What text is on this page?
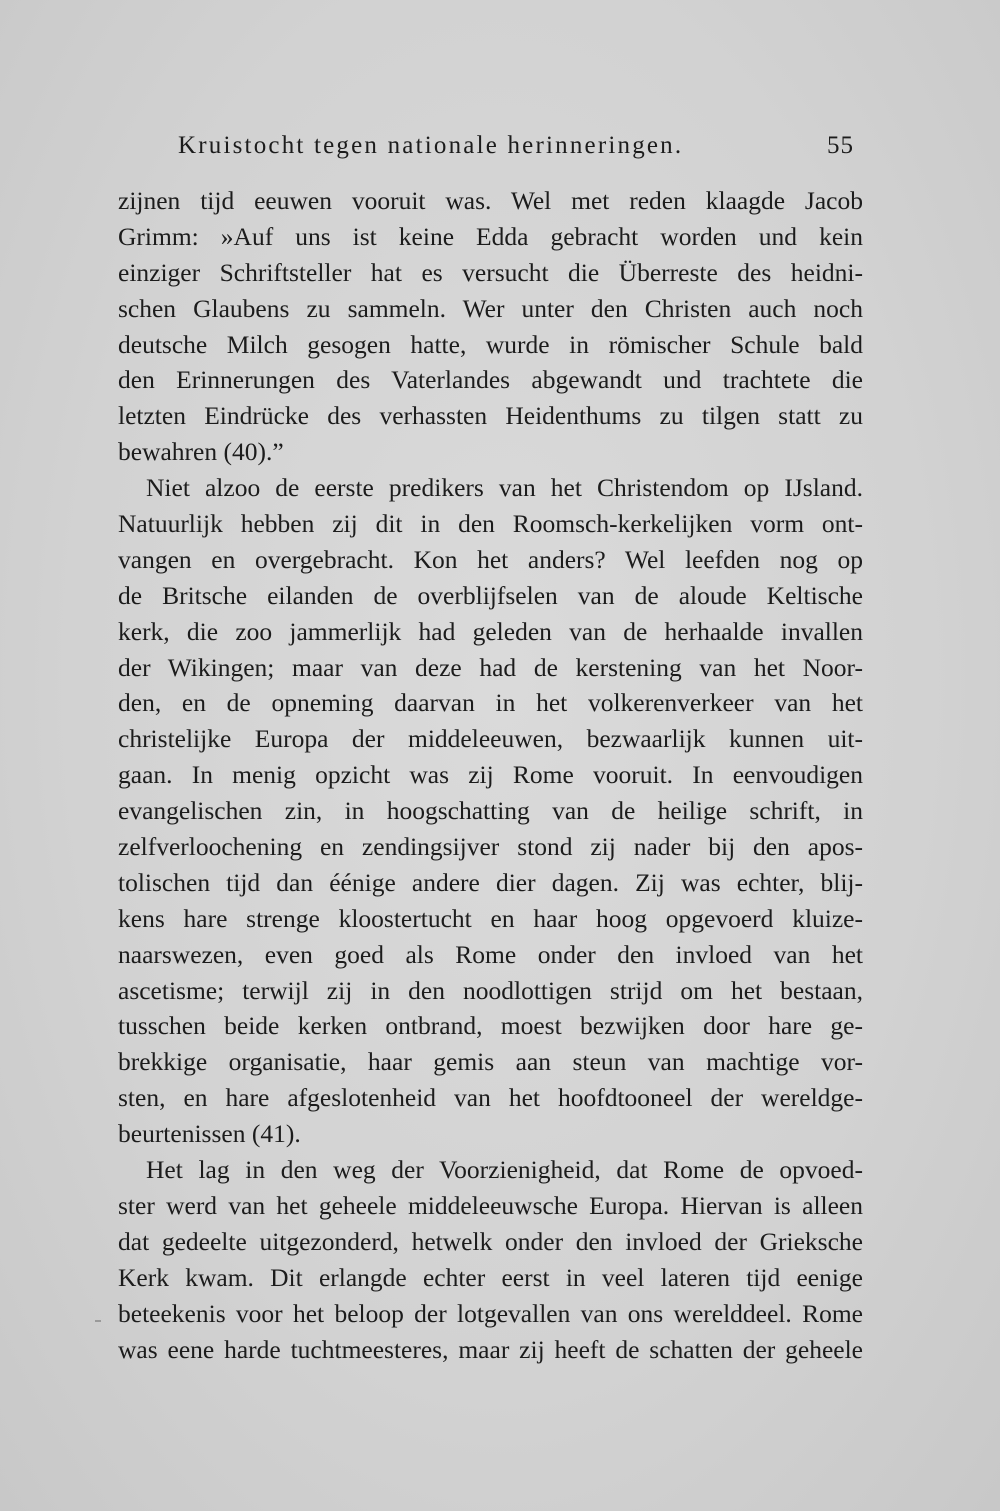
Kruistocht tegen nationale herinneringen.	55
zijnen tijd eeuwen vooruit was. Wel met reden klaagde Jacob
Grimm: »Auf uns ist keine Edda gebracht worden und kein
einziger Schriftsteller hat es versucht die Überreste des heidni-
schen Glaubens zu sammeln. Wer unter den Christen auch noch
deutsche Milch gesogen hatte, wurde in römischer Schule bald
den Erinnerungen des Vaterlandes abgewandt und trachtete die
letzten Eindrücke des verhassten Heidenthums zu tilgen statt zu
bewahren (40).”
Niet alzoo de eerste predikers van het Christendom op IJsland.
Natuurlijk hebben zij dit in den Roomsch-kerkelijken vorm ont-
vangen en overgebracht. Kon het anders? Wel leefden nog op
de Britsche eilanden de overblijfselen van de aloude Keltische
kerk, die zoo jammerlijk had geleden van de herhaalde invallen
der Wikingen; maar van deze had de kerstening van het Noor-
den, en de opneming daarvan in het volkerenverkeer van het
christelijke Europa der middeleeuwen, bezwaarlijk kunnen uit-
gaan. In menig opzicht was zij Rome vooruit. In eenvoudigen
evangelischen zin, in hoogschatting van de heilige schrift, in
zelfverloochening en zendingsijver stond zij nader bij den apos-
tolischen tijd dan éénige andere dier dagen. Zij was echter, blij-
kens hare strenge kloostertucht en haar hoog opgevoerd kluize-
naarswezen, even goed als Rome onder den invloed van het
ascetisme; terwijl zij in den noodlottigen strijd om het bestaan,
tusschen beide kerken ontbrand, moest bezwijken door hare ge-
brekkige organisatie, haar gemis aan steun van machtige vor-
sten, en hare afgeslotenheid van het hoofdtooneel der wereldge-
beurtenissen (41).
Het lag in den weg der Voorzienigheid, dat Rome de opvoed-
ster werd van het geheele middeleeuwsche Europa. Hiervan is alleen
dat gedeelte uitgezonderd, hetwelk onder den invloed der Grieksche
Kerk kwam. Dit erlangde echter eerst in veel lateren tijd eenige
beteekenis voor het beloop der lotgevallen van ons werelddeel. Rome
was eene harde tuchtmeesteres, maar zij heeft de schatten der geheele
